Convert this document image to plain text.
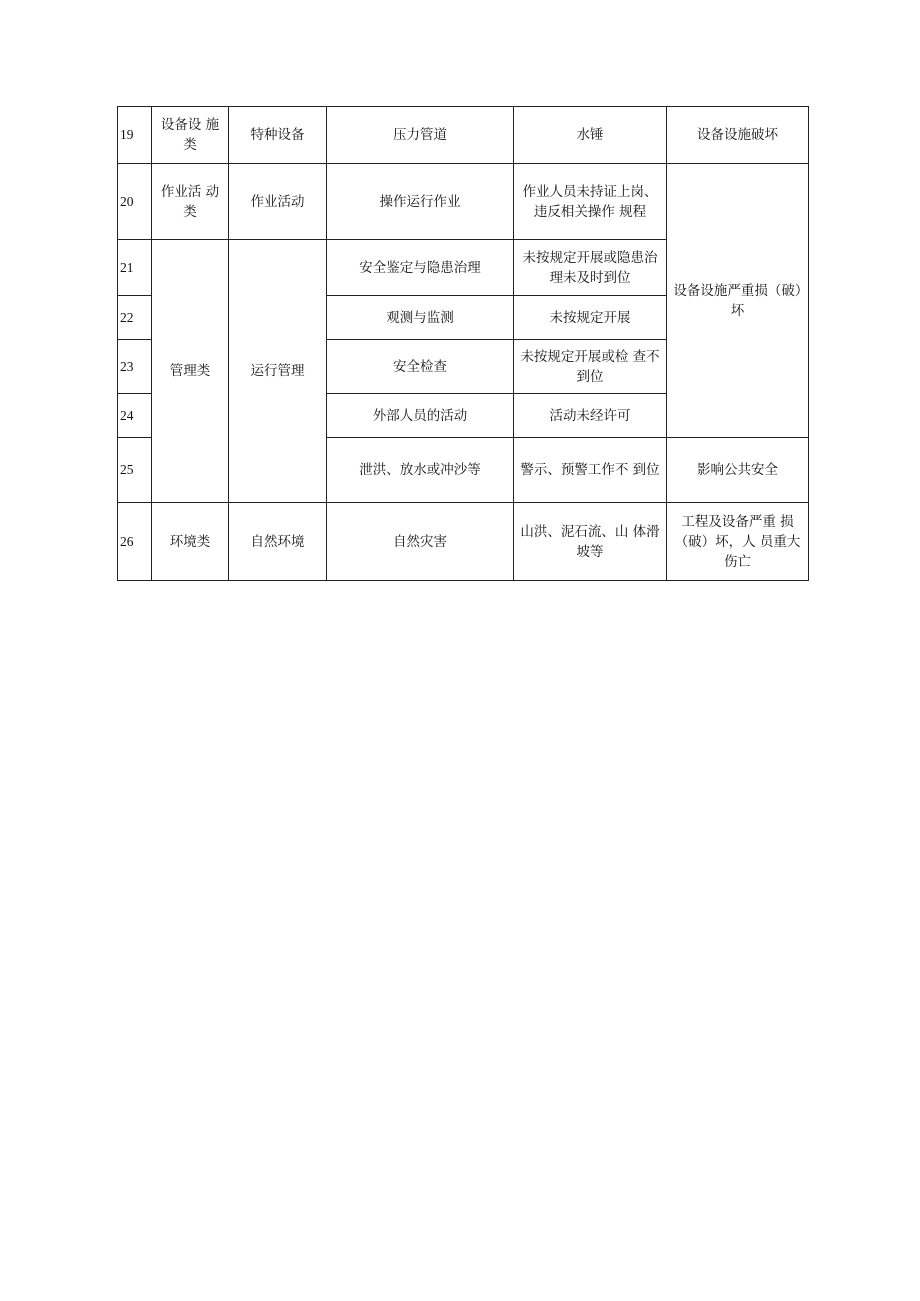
19	设备设 施类	特种设备	压力管道	水锤	设备设施破坏
20	作业活 动类	作业活动	操作运行作业	作业人员未持证上岗、违反相关操作 规程	设备设施严重损（破）坏
21	管理类	运行管理	安全鉴定与隐患治理	未按规定开展或隐患治理未及时到位	
22			观测与监测	未按规定开展	
23			安全检查	未按规定开展或检 查不到位	
24			外部人员的活动	活动未经许可	
25			泄洪、放水或冲沙等	警示、预警工作不 到位	影响公共安全
26	环境类	自然环境	自然灾害	山洪、泥石流、山 体滑坡等	工程及设备严重 损（破）坏，人 员重大伤亡
